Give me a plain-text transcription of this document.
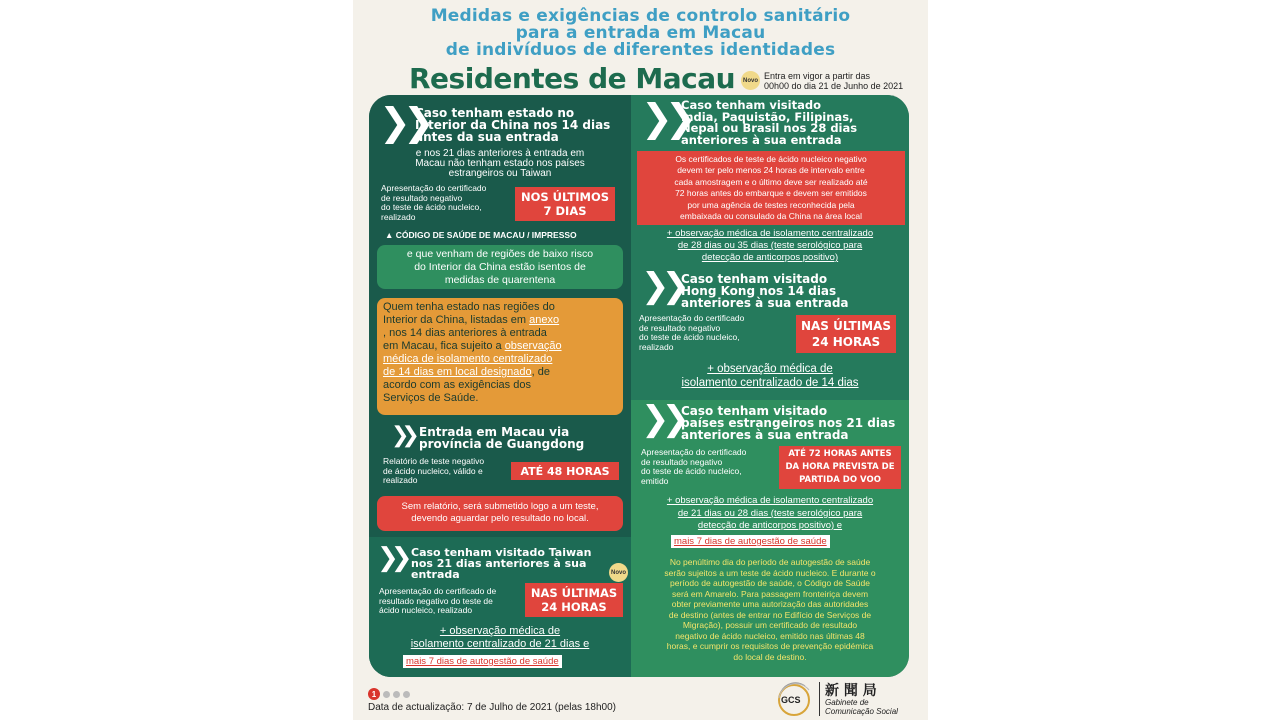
Medidas e exigências de controlo sanitário
para a entrada em Macau
de indivíduos de diferentes identidades
Residentes de Macau	Novo Entra em vigor a partir das
00h00 do dia 21 de Junho de 2021
❯❯
Caso tenham estado no
Interior da China nos 14 dias
antes da sua entrada
e nos 21 dias anteriores à entrada em
Macau não tenham estado nos países
estrangeiros ou Taiwan
Apresentação do certificado
de resultado negativo
do teste de ácido nucleico,
realizado
NOS ÚLTIMOS
7 DIAS
▲ CÓDIGO DE SAÚDE DE MACAU / IMPRESSO
e que venham de regiões de baixo risco
do Interior da China estão isentos de
medidas de quarentena
Quem tenha estado nas regiões do
Interior da China, listadas em anexo
, nos 14 dias anteriores à entrada
em Macau, fica sujeito a observação
médica de isolamento centralizado
de 14 dias em local designado, de
acordo com as exigências dos
Serviços de Saúde.
❯❯ Entrada em Macau via
província de Guangdong
Relatório de teste negativo
de ácido nucleico, válido e
realizado
ATÉ 48 HORAS
Sem relatório, será submetido logo a um teste,
devendo aguardar pelo resultado no local.
❯❯ Caso tenham visitado Taiwan
nos 21 dias anteriores à sua
entrada	Novo
Apresentação do certificado de
resultado negativo do teste de
ácido nucleico, realizado
NAS ÚLTIMAS
24 HORAS
+ observação médica de
isolamento centralizado de 21 dias e
mais 7 dias de autogestão de saúde
❯❯
Caso tenham visitado
Índia, Paquistão, Filipinas,
Nepal ou Brasil nos 28 dias
anteriores à sua entrada
Os certificados de teste de ácido nucleico negativo
devem ter pelo menos 24 horas de intervalo entre
cada amostragem e o último deve ser realizado até
72 horas antes do embarque e devem ser emitidos
por uma agência de testes reconhecida pela
embaixada ou consulado da China na área local
+ observação médica de isolamento centralizado
de 28 dias ou 35 dias (teste serológico para
detecção de anticorpos positivo)
❯❯ Caso tenham visitado
Hong Kong nos 14 dias
anteriores à sua entrada
Apresentação do certificado
de resultado negativo
do teste de ácido nucleico,
realizado
NAS ÚLTIMAS
24 HORAS
+ observação médica de
isolamento centralizado de 14 dias
❯❯ Caso tenham visitado
países estrangeiros nos 21 dias
anteriores à sua entrada
Apresentação do certificado
de resultado negativo
do teste de ácido nucleico,
emitido
ATÉ 72 HORAS ANTES
DA HORA PREVISTA DE
PARTIDA DO VOO
+ observação médica de isolamento centralizado
de 21 dias ou 28 dias (teste serológico para
detecção de anticorpos positivo) e
mais 7 dias de autogestão de saúde
No penúltimo dia do período de autogestão de saúde
serão sujeitos a um teste de ácido nucleico. E durante o
período de autogestão de saúde, o Código de Saúde
será em Amarelo. Para passagem fronteiriça devem
obter previamente uma autorização das autoridades
de destino (antes de entrar no Edifício de Serviços de
Migração), possuir um certificado de resultado
negativo de ácido nucleico, emitido nas últimas 48
horas, e cumprir os requisitos de prevenção epidémica
do local de destino.
1
Data de actualização: 7 de Julho de 2021 (pelas 18h00)
GCS
新 聞 局
Gabinete de
Comunicação Social
